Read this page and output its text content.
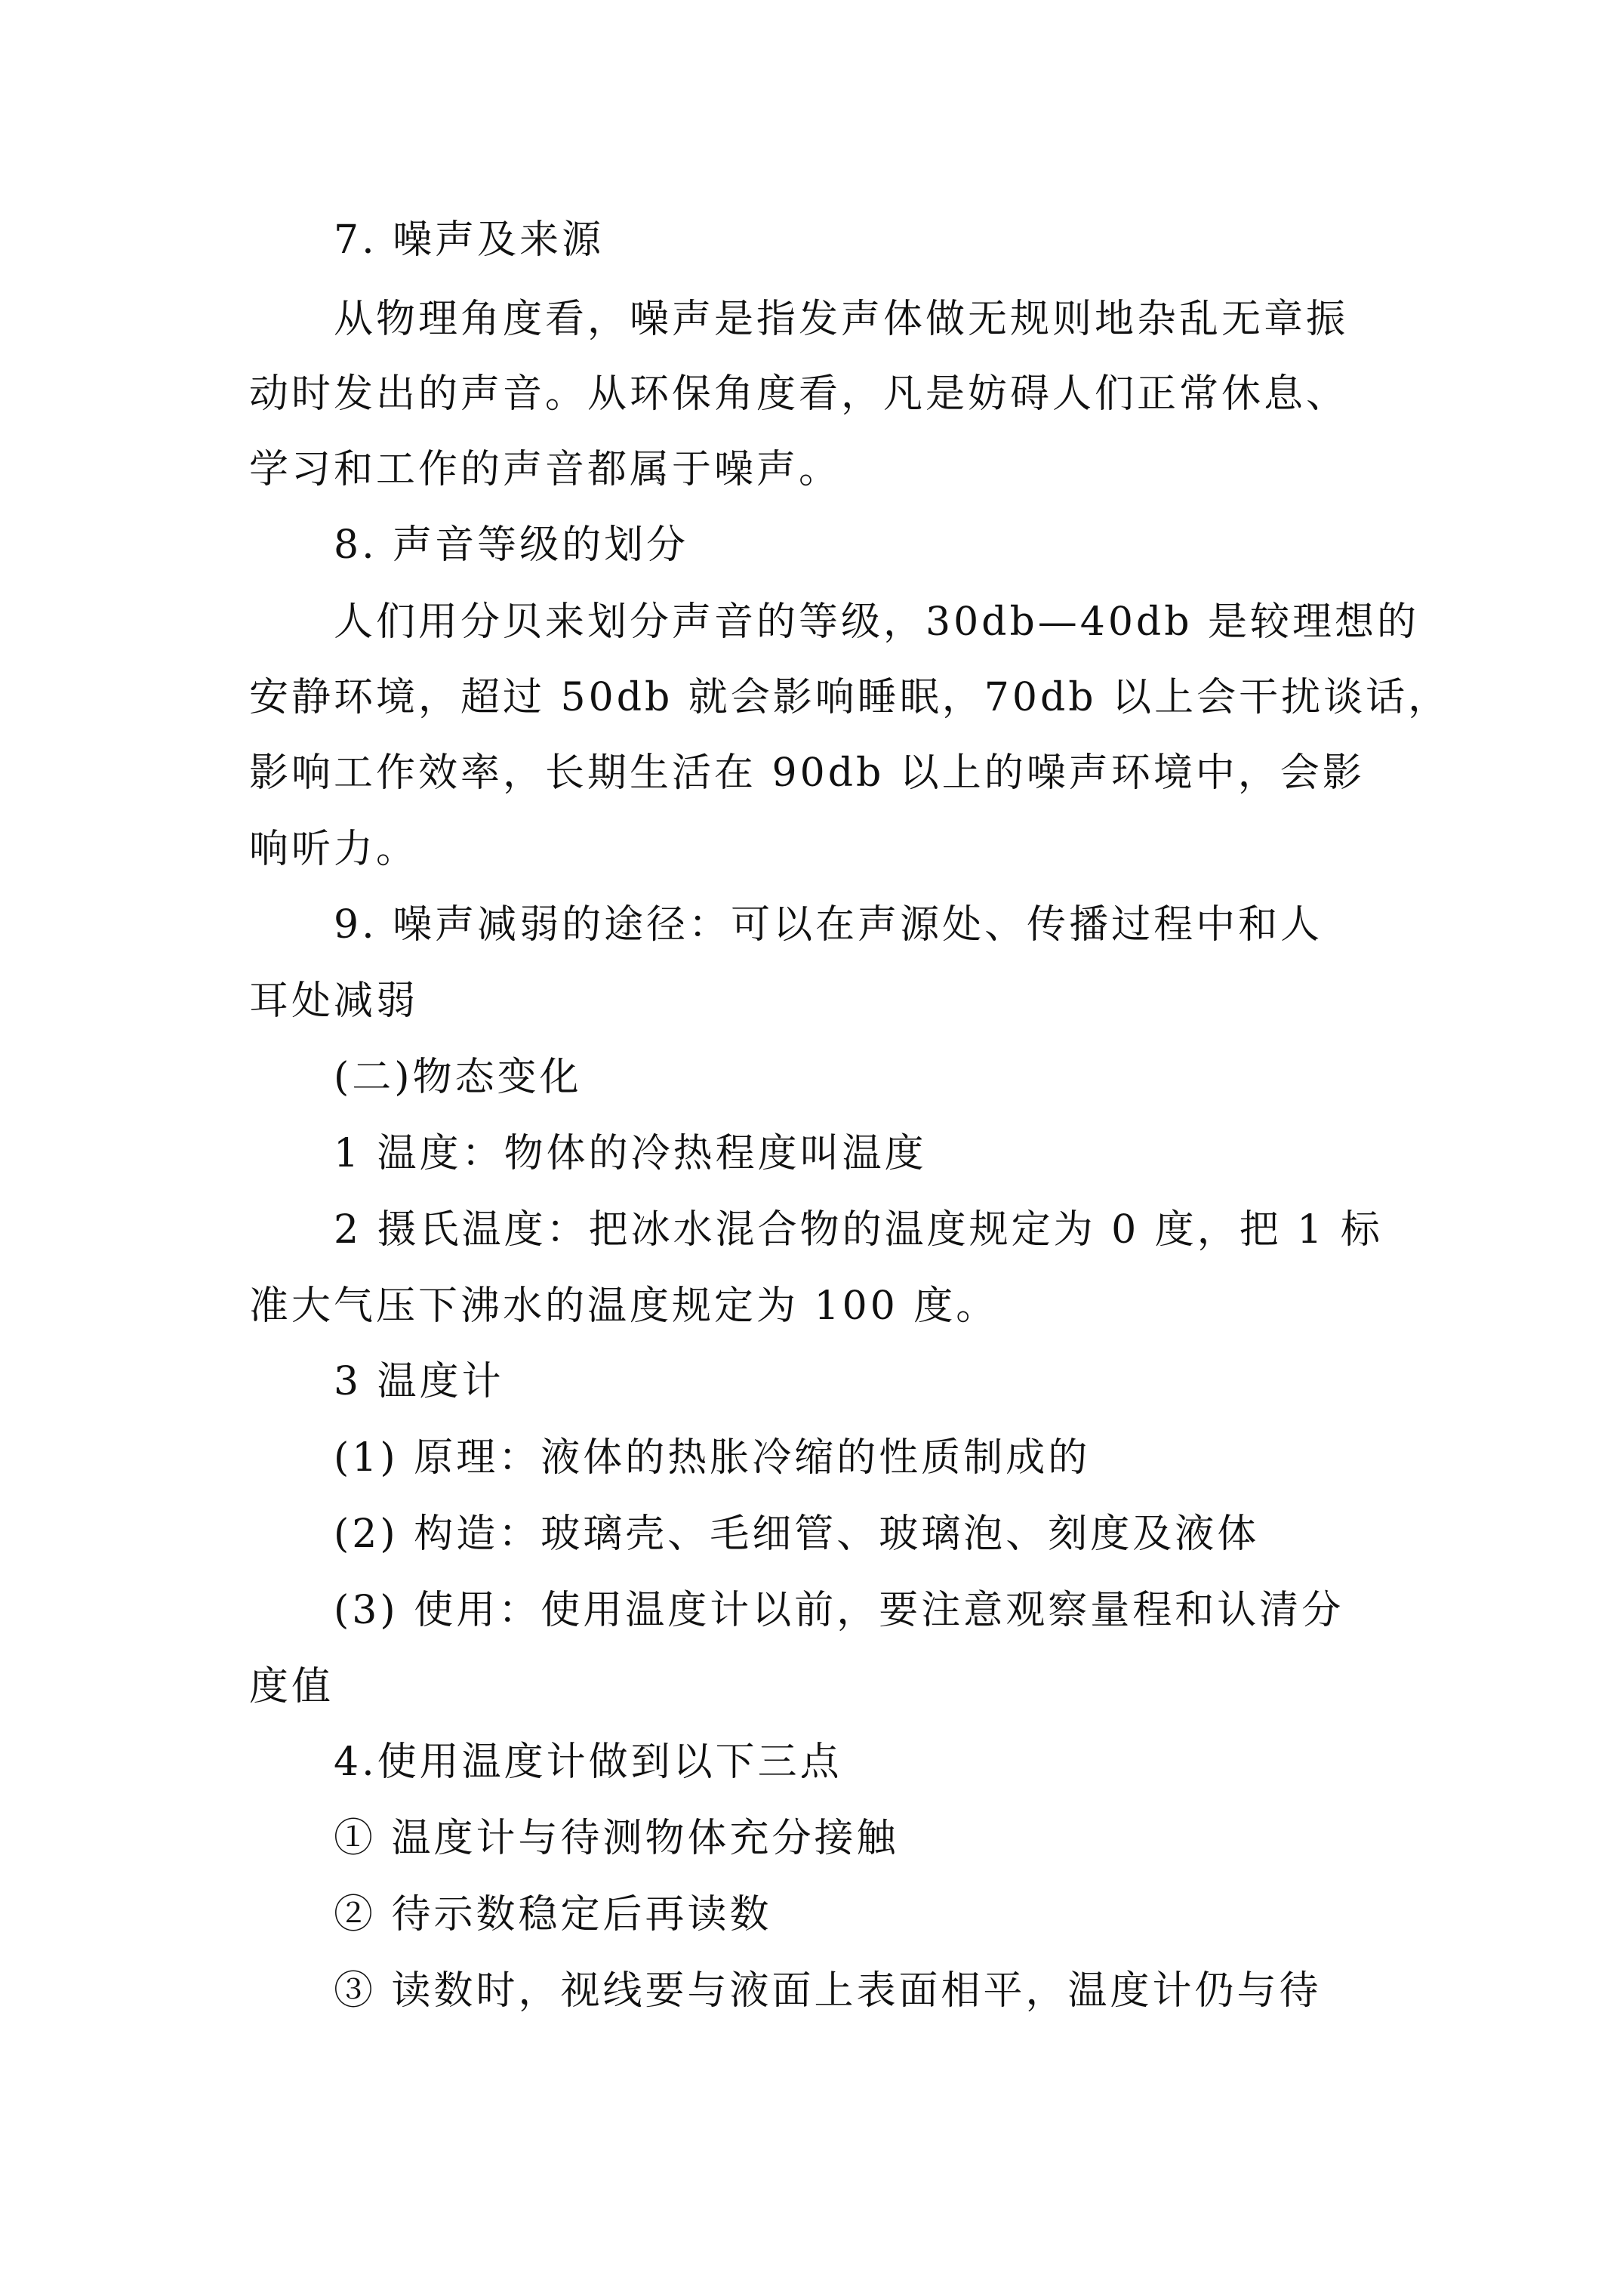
7. 噪声及来源
从物理角度看，噪声是指发声体做无规则地杂乱无章振
动时发出的声音。从环保角度看，凡是妨碍人们正常休息、
学习和工作的声音都属于噪声。
8. 声音等级的划分
人们用分贝来划分声音的等级，30db—40db 是较理想的
安静环境，超过 50db 就会影响睡眠，70db 以上会干扰谈话，
影响工作效率，长期生活在 90db 以上的噪声环境中，会影
响听力。
9. 噪声减弱的途径：可以在声源处、传播过程中和人
耳处减弱
(二)物态变化
1 温度：物体的冷热程度叫温度
2 摄氏温度：把冰水混合物的温度规定为 0 度，把 1 标
准大气压下沸水的温度规定为 100 度。
3 温度计
(1) 原理：液体的热胀冷缩的性质制成的
(2) 构造：玻璃壳、毛细管、玻璃泡、刻度及液体
(3) 使用：使用温度计以前，要注意观察量程和认清分
度值
4.使用温度计做到以下三点
① 温度计与待测物体充分接触
② 待示数稳定后再读数
③ 读数时，视线要与液面上表面相平，温度计仍与待
